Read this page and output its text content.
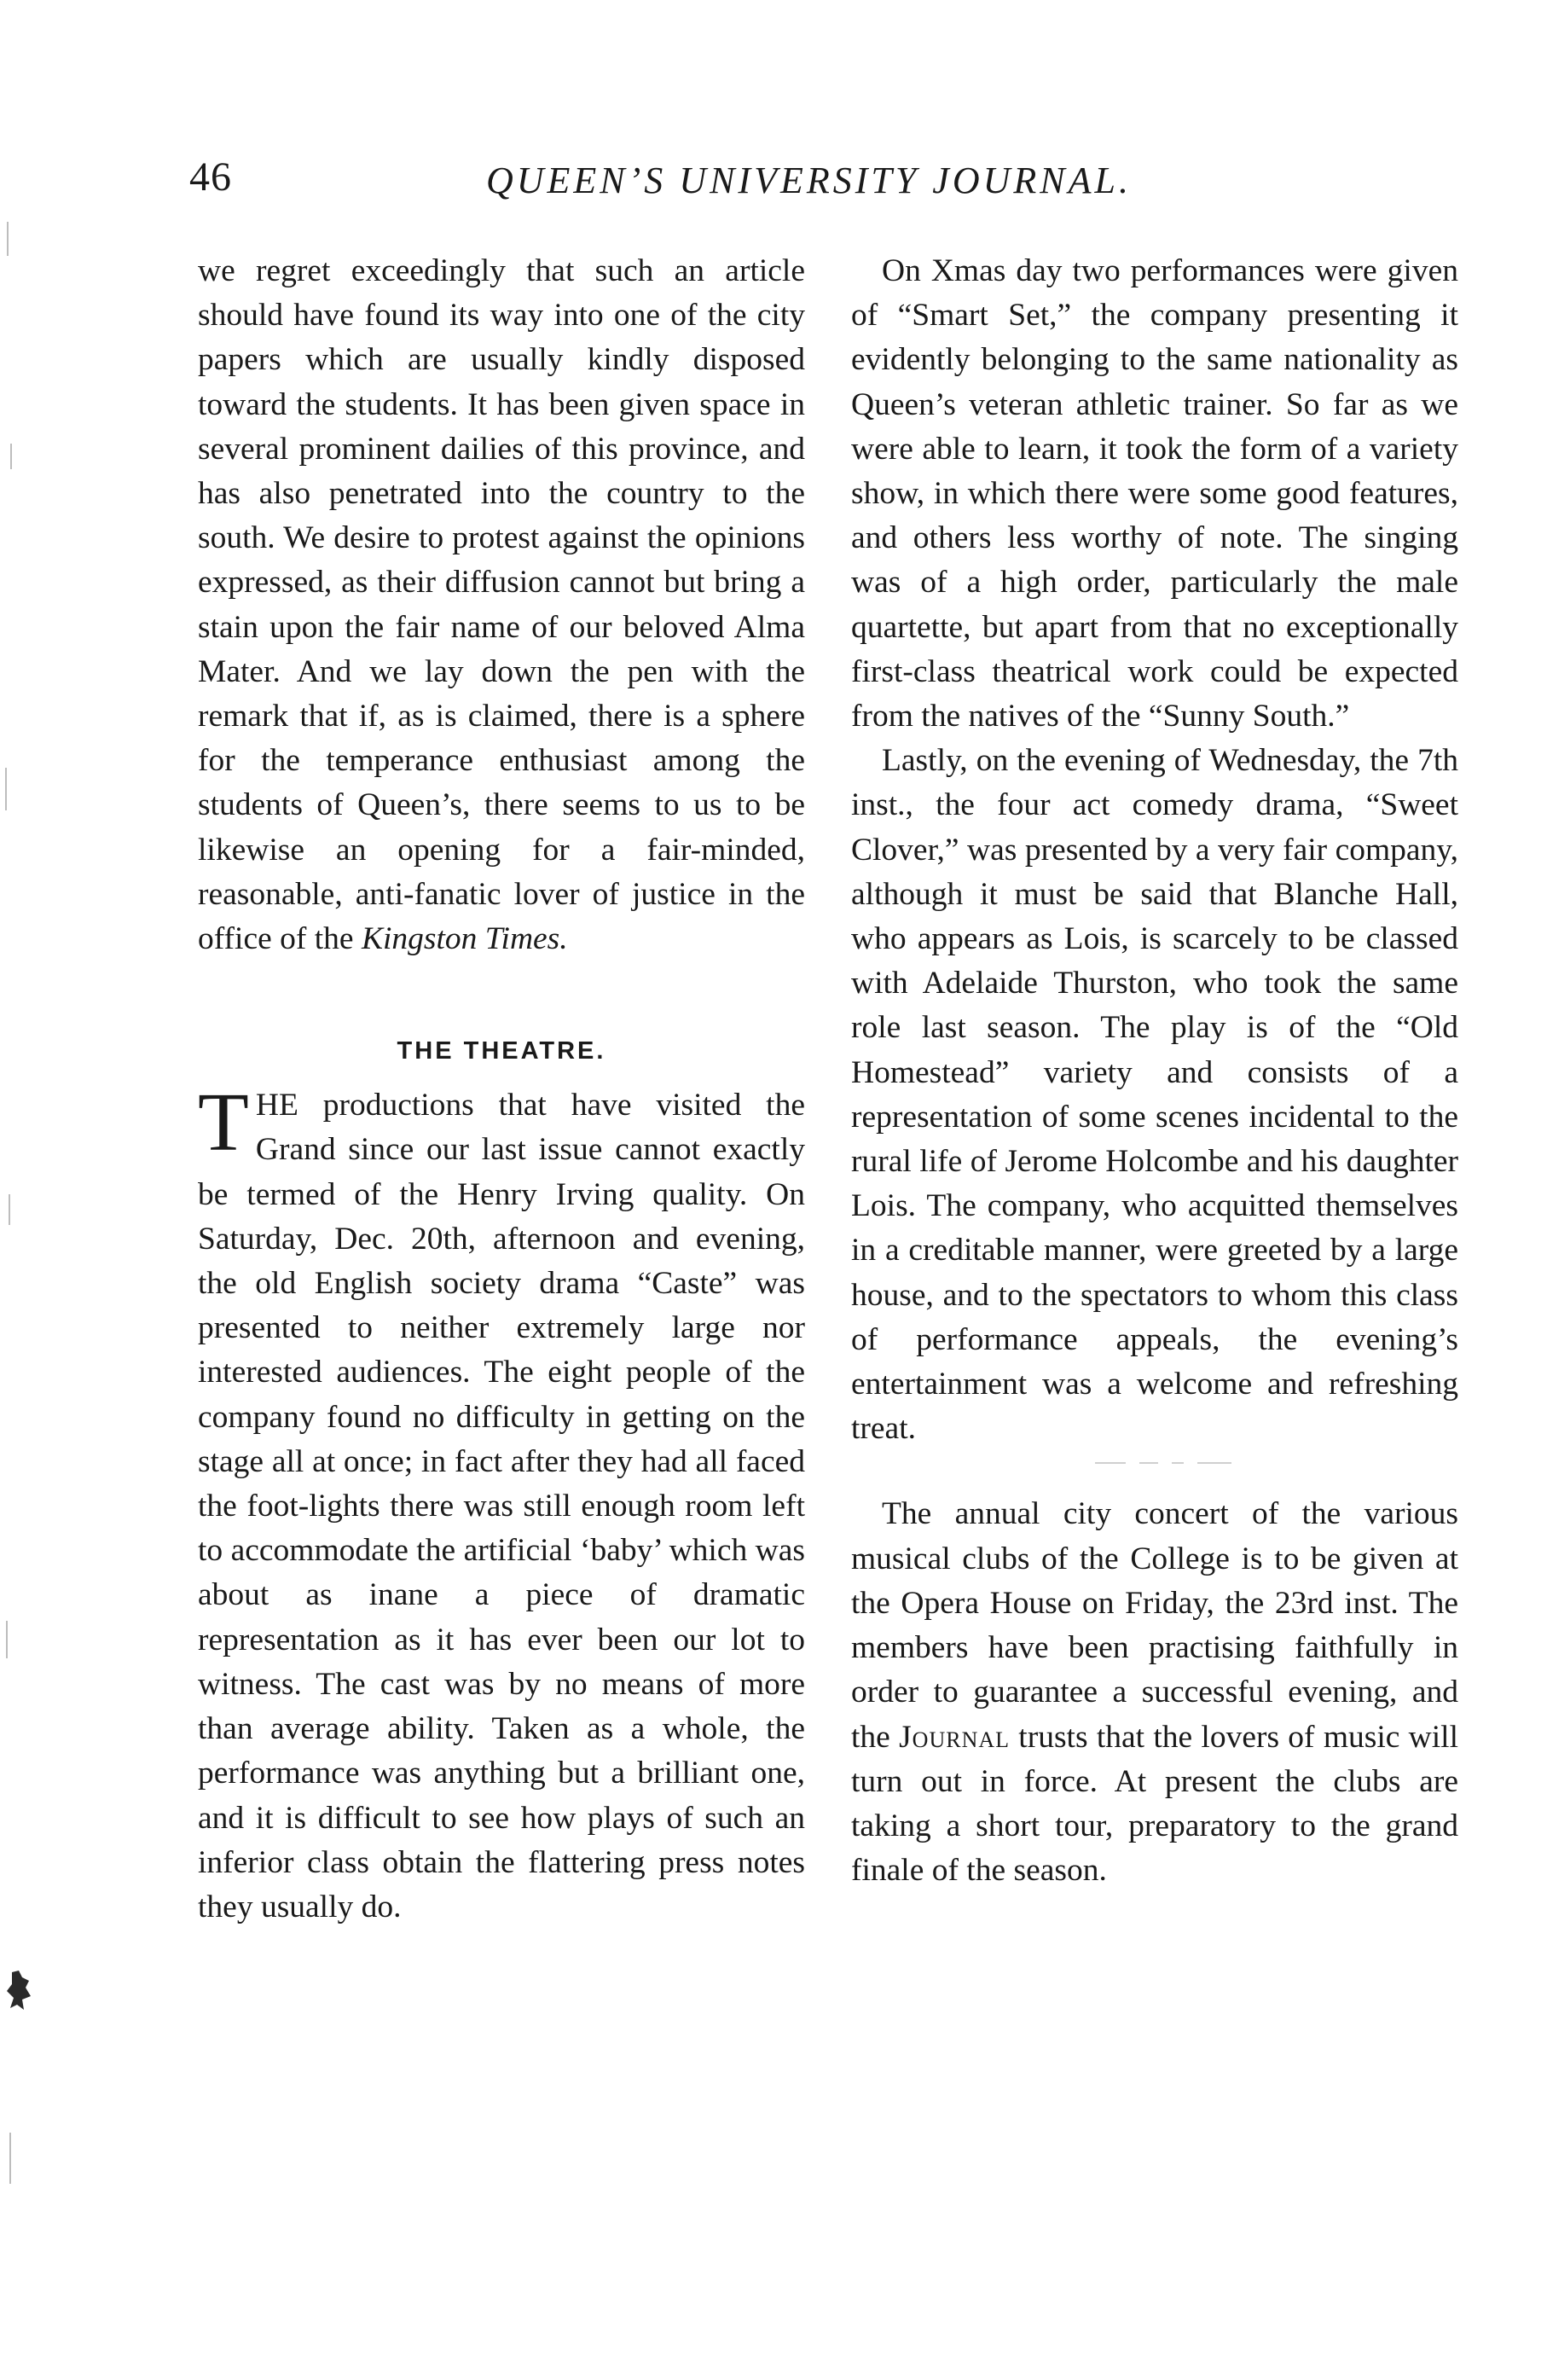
46	QUEEN’S UNIVERSITY JOURNAL.

we regret exceedingly that such an article should have found its way into one of the city papers which are usually kindly disposed toward the students. It has been given space in several prominent dailies of this province, and has also penetrated into the country to the south. We desire to protest against the opinions expressed, as their diffusion cannot but bring a stain upon the fair name of our beloved Alma Mater. And we lay down the pen with the remark that if, as is claimed, there is a sphere for the temperance enthusiast among the students of Queen’s, there seems to us to be likewise an opening for a fair-minded, reasonable, anti-fanatic lover of justice in the office of the Kingston Times.

THE THEATRE.

THE productions that have visited the Grand since our last issue cannot exactly be termed of the Henry Irving quality. On Saturday, Dec. 20th, afternoon and evening, the old English society drama “Caste” was presented to neither extremely large nor interested audiences. The eight people of the company found no difficulty in getting on the stage all at once; in fact after they had all faced the foot-lights there was still enough room left to accommodate the artificial ‘baby’ which was about as inane a piece of dramatic representation as it has ever been our lot to witness. The cast was by no means of more than average ability. Taken as a whole, the performance was anything but a brilliant one, and it is difficult to see how plays of such an inferior class obtain the flattering press notes they usually do.

On Xmas day two performances were given of “Smart Set,” the company presenting it evidently belonging to the same nationality as Queen’s veteran athletic trainer. So far as we were able to learn, it took the form of a variety show, in which there were some good features, and others less worthy of note. The singing was of a high order, particularly the male quartette, but apart from that no exceptionally first-class theatrical work could be expected from the natives of the “Sunny South.”

Lastly, on the evening of Wednesday, the 7th inst., the four act comedy drama, “Sweet Clover,” was presented by a very fair company, although it must be said that Blanche Hall, who appears as Lois, is scarcely to be classed with Adelaide Thurston, who took the same role last season. The play is of the “Old Homestead” variety and consists of a representation of some scenes incidental to the rural life of Jerome Holcombe and his daughter Lois. The company, who acquitted themselves in a creditable manner, were greeted by a large house, and to the spectators to whom this class of performance appeals, the evening’s entertainment was a welcome and refreshing treat.

The annual city concert of the various musical clubs of the College is to be given at the Opera House on Friday, the 23rd inst. The members have been practising faithfully in order to guarantee a successful evening, and the Journal trusts that the lovers of music will turn out in force. At present the clubs are taking a short tour, preparatory to the grand finale of the season.
